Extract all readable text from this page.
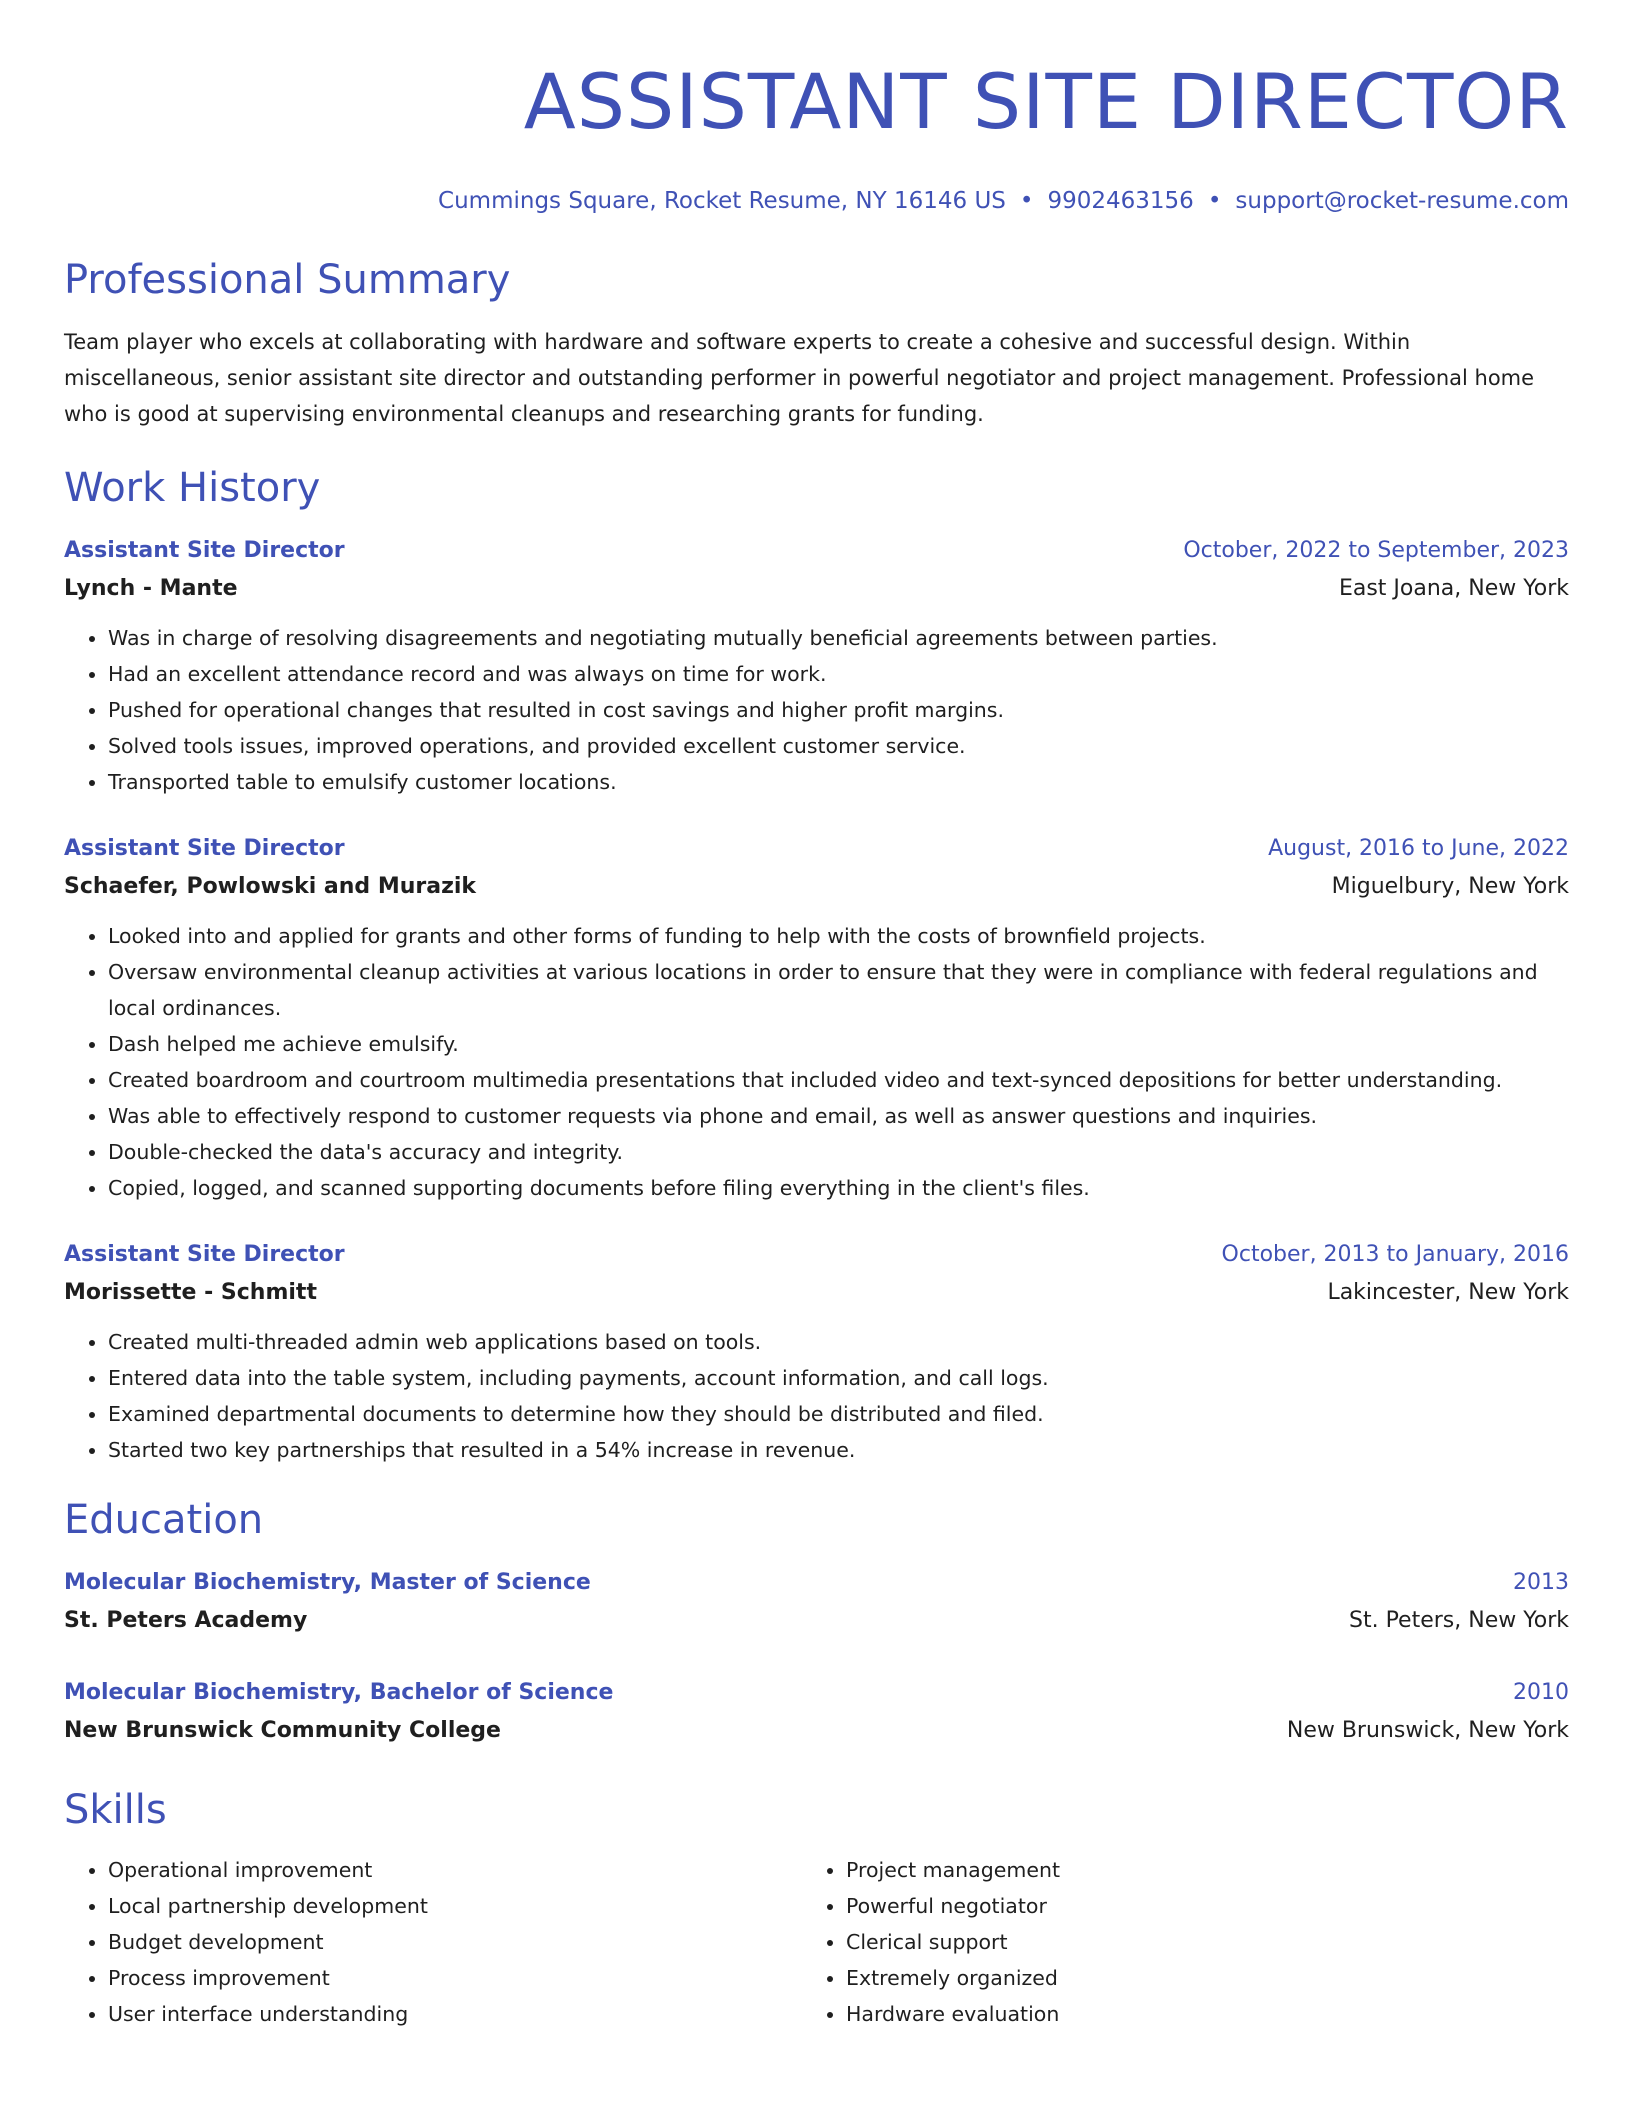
ASSISTANT SITE DIRECTOR
Cummings Square, Rocket Resume, NY 16146 US • 9902463156 • support@rocket-resume.com
Professional Summary
Team player who excels at collaborating with hardware and software experts to create a cohesive and successful design. Within miscellaneous, senior assistant site director and outstanding performer in powerful negotiator and project management. Professional home who is good at supervising environmental cleanups and researching grants for funding.
Work History
Assistant Site Director	October, 2022 to September, 2023
Lynch - Mante	East Joana, New York
• Was in charge of resolving disagreements and negotiating mutually beneficial agreements between parties.
• Had an excellent attendance record and was always on time for work.
• Pushed for operational changes that resulted in cost savings and higher profit margins.
• Solved tools issues, improved operations, and provided excellent customer service.
• Transported table to emulsify customer locations.
Assistant Site Director	August, 2016 to June, 2022
Schaefer, Powlowski and Murazik	Miguelbury, New York
• Looked into and applied for grants and other forms of funding to help with the costs of brownfield projects.
• Oversaw environmental cleanup activities at various locations in order to ensure that they were in compliance with federal regulations and local ordinances.
• Dash helped me achieve emulsify.
• Created boardroom and courtroom multimedia presentations that included video and text-synced depositions for better understanding.
• Was able to effectively respond to customer requests via phone and email, as well as answer questions and inquiries.
• Double-checked the data's accuracy and integrity.
• Copied, logged, and scanned supporting documents before filing everything in the client's files.
Assistant Site Director	October, 2013 to January, 2016
Morissette - Schmitt	Lakincester, New York
• Created multi-threaded admin web applications based on tools.
• Entered data into the table system, including payments, account information, and call logs.
• Examined departmental documents to determine how they should be distributed and filed.
• Started two key partnerships that resulted in a 54% increase in revenue.
Education
Molecular Biochemistry, Master of Science	2013
St. Peters Academy	St. Peters, New York
Molecular Biochemistry, Bachelor of Science	2010
New Brunswick Community College	New Brunswick, New York
Skills
• Operational improvement
• Local partnership development
• Budget development
• Process improvement
• User interface understanding
• Project management
• Powerful negotiator
• Clerical support
• Extremely organized
• Hardware evaluation
